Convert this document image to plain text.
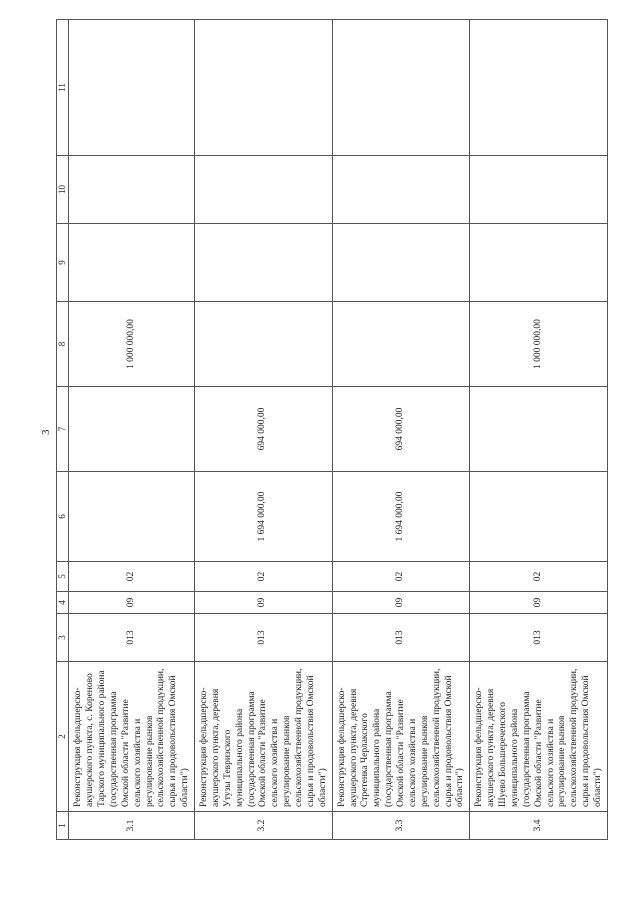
3
1	2	3	4	5	6	7	8	9	10	11
3.1	Реконструкция фельдшерско-акушерского пункта, с. Кореново Тарского муниципального района (государственная программа Омской области "Развитие сельского хозяйства и регулирование рынков сельскохозяйственной продукции, сырья и продовольствия Омской области")	013	09	02			1 000 000,00			
3.2	Реконструкция фельдшерско-акушерского пункта, деревня Утузы Тевризского муниципального района (государственная программа Омской области "Развитие сельского хозяйства и регулирование рынков сельскохозяйственной продукции, сырья и продовольствия Омской области")	013	09	02	1 694 000,00	694 000,00				
3.3	Реконструкция фельдшерско-акушерского пункта, деревня Стретенка Черлакского муниципального района (государственная программа Омской области "Развитие сельского хозяйства и регулирование рынков сельскохозяйственной продукции, сырья и продовольствия Омской области")	013	09	02	1 694 000,00	694 000,00				
3.4	Реконструкция фельдшерско-акушерского пункта, деревня Шуево Большереченского муниципального района (государственная программа Омской области "Развитие сельского хозяйства и регулирование рынков сельскохозяйственной продукции, сырья и продовольствия Омской области")	013	09	02			1 000 000,00			
